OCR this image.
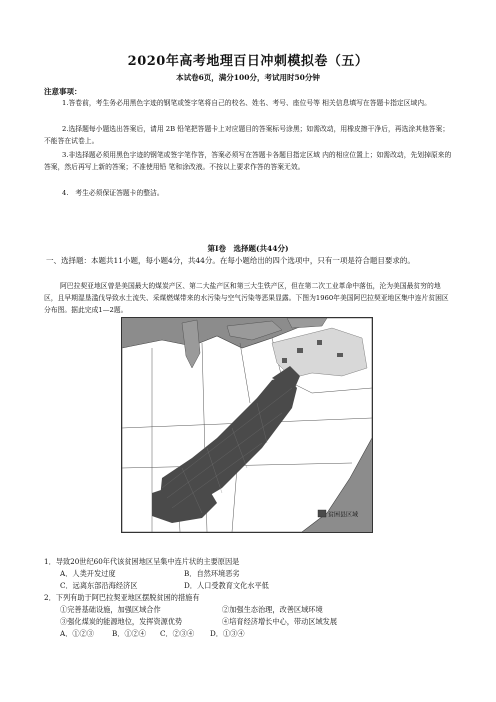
2020年高考地理百日冲刺模拟卷（五）
本试卷6页，满分100分，考试用时50分钟
注意事项：
1.答卷前，考生务必用黑色字迹的钢笔或签字笔将自己的校名、姓名、考号、座位号等 相关信息填写在答题卡指定区域内。
2.选择题每小题选出答案后，请用 2B 铅笔把答题卡上对应题目的答案标号涂黑；如需改动，用橡皮擦干净后，再选涂其他答案；不能答在试卷上。
3.非选择题必须用黑色字迹的钢笔或签字笔作答，答案必须写在答题卡各题目指定区域 内的相应位置上；如需改动，先划掉原来的答案，然后再写上新的答案；不准使用铅 笔和涂改液。不按以上要求作答的答案无效。
4.　考生必须保证答题卡的整洁。
第Ⅰ卷　选择题(共44分)
一、选择题：本题共11小题，每小题4分，共44分。在每小题给出的四个选项中，只有一项是符合题目要求的。
阿巴拉契亚地区曾是美国最大的煤炭产区、第二大盐产区和第三大生铁产区，但在第二次工业革命中落伍，沦为美国最贫穷的地区，且早期湿垦滥伐导致水土流失、采煤燃煤带来的水污染与空气污染等恶果显露。下图为1960年美国阿巴拉契亚地区集中连片贫困区分布图。据此完成1—2题。
贫困县区域
1．导致20世纪60年代该贫困地区呈集中连片状的主要原因是
A．人类开发过度	B．自然环境恶劣
C．远离东部沿海经济区	D．人口受教育文化水平低
2．下列有助于阿巴拉契亚地区摆脱贫困的措施有
①完善基础设施，加强区域合作	②加强生态治理，改善区域环境
③强化煤炭的能源地位，发挥资源优势	④培育经济增长中心，带动区域发展
A．①②③	B．①②④ C．②③④ D．①③④
